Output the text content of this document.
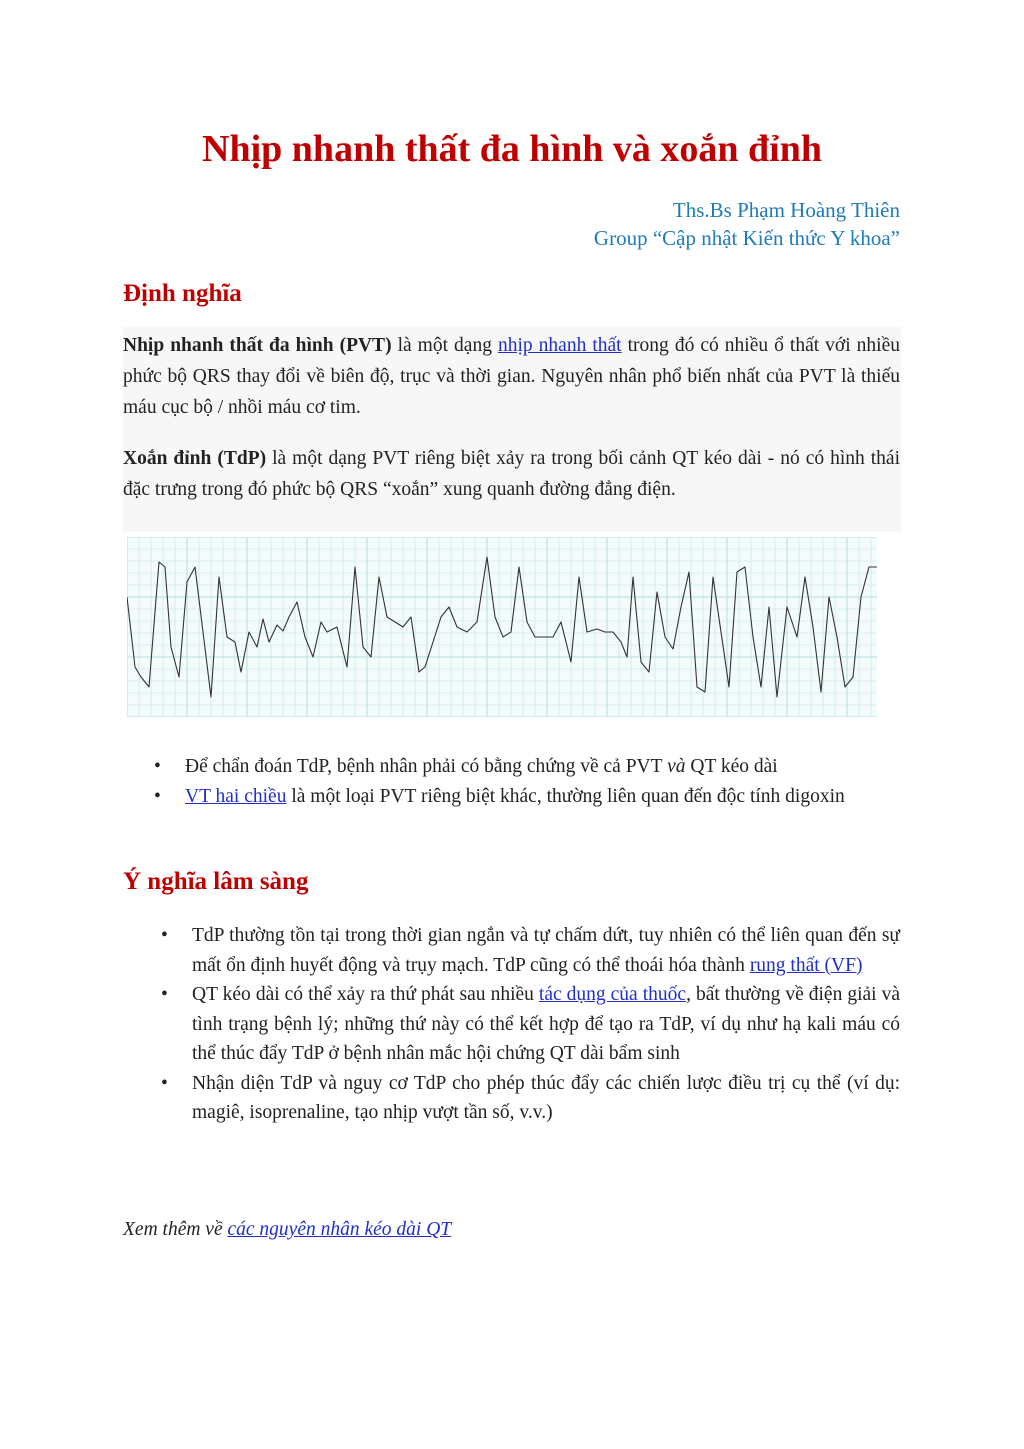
Nhịp nhanh thất đa hình và xoắn đỉnh
Ths.Bs Phạm Hoàng Thiên
Group “Cập nhật Kiến thức Y khoa”
Định nghĩa

Nhịp nhanh thất đa hình (PVT) là một dạng nhịp nhanh thất trong đó có nhiều ổ thất với nhiều phức bộ QRS thay đổi về biên độ, trục và thời gian. Nguyên nhân phổ biến nhất của PVT là thiếu máu cục bộ / nhồi máu cơ tim.

Xoắn đỉnh (TdP) là một dạng PVT riêng biệt xảy ra trong bối cảnh QT kéo dài - nó có hình thái đặc trưng trong đó phức bộ QRS “xoắn” xung quanh đường đẳng điện.

• Để chẩn đoán TdP, bệnh nhân phải có bằng chứng về cả PVT và QT kéo dài
• VT hai chiều là một loại PVT riêng biệt khác, thường liên quan đến độc tính digoxin
Ý nghĩa lâm sàng
• TdP thường tồn tại trong thời gian ngắn và tự chấm dứt, tuy nhiên có thể liên quan đến sự mất ổn định huyết động và trụy mạch. TdP cũng có thể thoái hóa thành rung thất (VF)
• QT kéo dài có thể xảy ra thứ phát sau nhiều tác dụng của thuốc, bất thường về điện giải và tình trạng bệnh lý; những thứ này có thể kết hợp để tạo ra TdP, ví dụ như hạ kali máu có thể thúc đẩy TdP ở bệnh nhân mắc hội chứng QT dài bẩm sinh
• Nhận diện TdP và nguy cơ TdP cho phép thúc đẩy các chiến lược điều trị cụ thể (ví dụ: magiê, isoprenaline, tạo nhịp vượt tần số, v.v.)

Xem thêm về các nguyên nhân kéo dài QT
